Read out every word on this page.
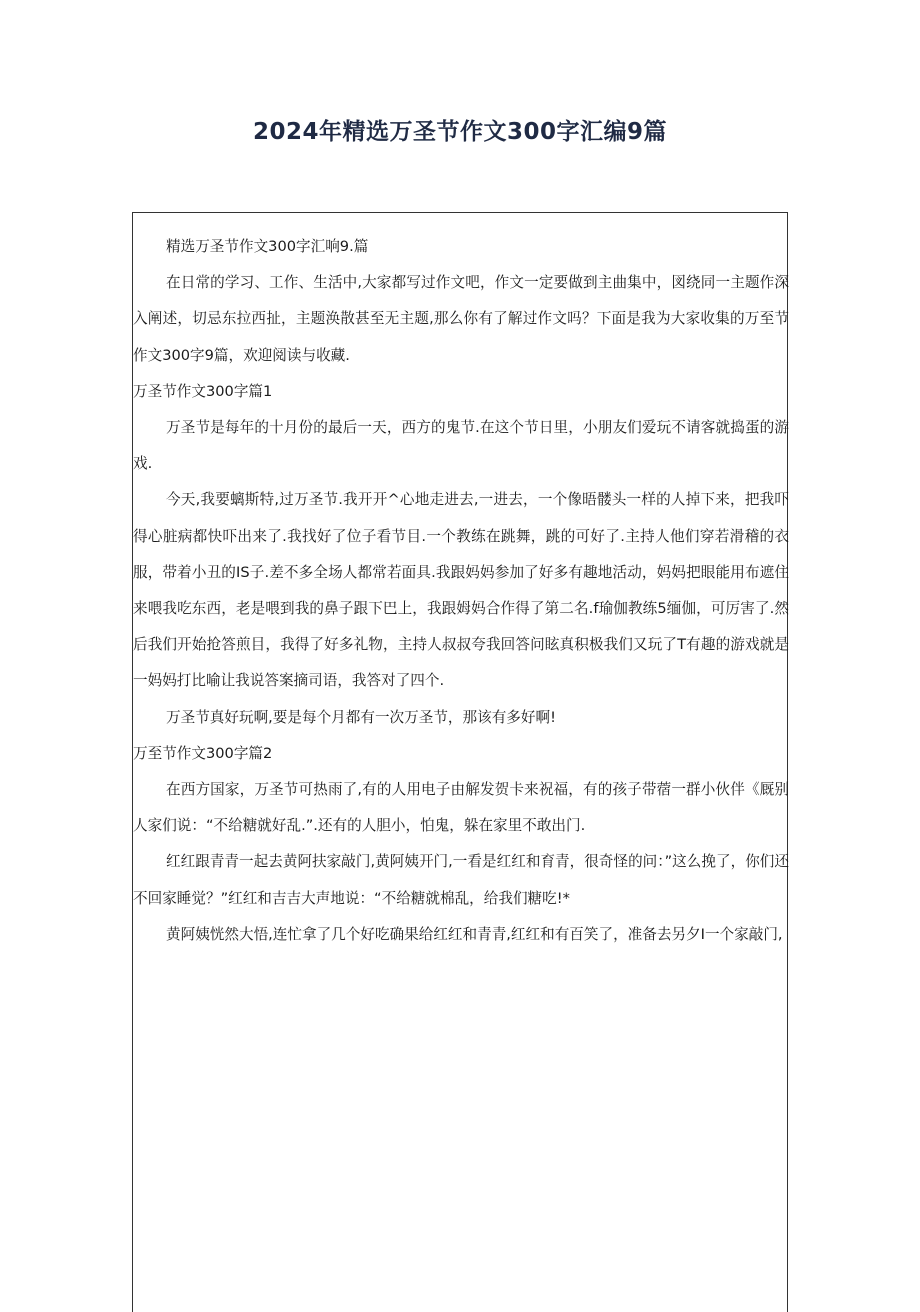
2024年精选万圣节作文300字汇编9篇

精选万圣节作文300字汇响9.篇

在日常的学习、工作、生活中,大家都写过作文吧，作文一定要做到主曲集中，図绕同一主题作深入阐述，切忌东拉西扯，主题涣散甚至无主题,那么你有了解过作文吗？下面是我为大家收集的万至节作文300字9篇，欢迎阅读与收藏.

万圣节作文300字篇1

万圣节是每年的十月份的最后一天，西方的鬼节.在这个节日里，小朋友们爱玩不请客就捣蛋的游戏.

今天,我要螭斯特,过万圣节.我开开^心地走进去,一进去，一个像晤髅头一样的人掉下来，把我吓得心脏病都快吓出来了.我找好了位子看节目.一个教练在跳舞，跳的可好了.主持人他们穿若滑稽的衣服，带着小丑的IS子.差不多全场人都常若面具.我跟妈妈参加了好多有趣地活动，妈妈把眼能用布遮住来喂我吃东西，老是喂到我的鼻子跟下巴上，我跟姆妈合作得了第二名.f瑜伽教练5缅伽，可厉害了.然后我们开始抢答煎目，我得了好多礼物，主持人叔叔夸我回答问眩真积极我们又玩了T有趣的游戏就是一妈妈打比喻让我说答案摘司语，我答对了四个.

万圣节真好玩啊,要是每个月都有一次万圣节，那该有多好啊!

万至节作文300字篇2

在西方国家，万圣节可热雨了,有的人用电子由解发贺卡来祝福，有的孩子带蓿一群小伙伴《厩别人家们说：“不给糖就好乱.”.还有的人胆小，怕鬼，躲在家里不敢出门.

红红跟青青一起去黄阿扶家敲门,黄阿姨开门,一看是红红和育青，很奇怪的问：”这么挽了，你们还不回家睡觉？”红红和吉吉大声地说：“不给糖就棉乱，给我们糖吃!*

黄阿姨恍然大悟,连忙拿了几个好吃确果给红红和青青,红红和有百笑了，准备去另夕I一个家敲门,
